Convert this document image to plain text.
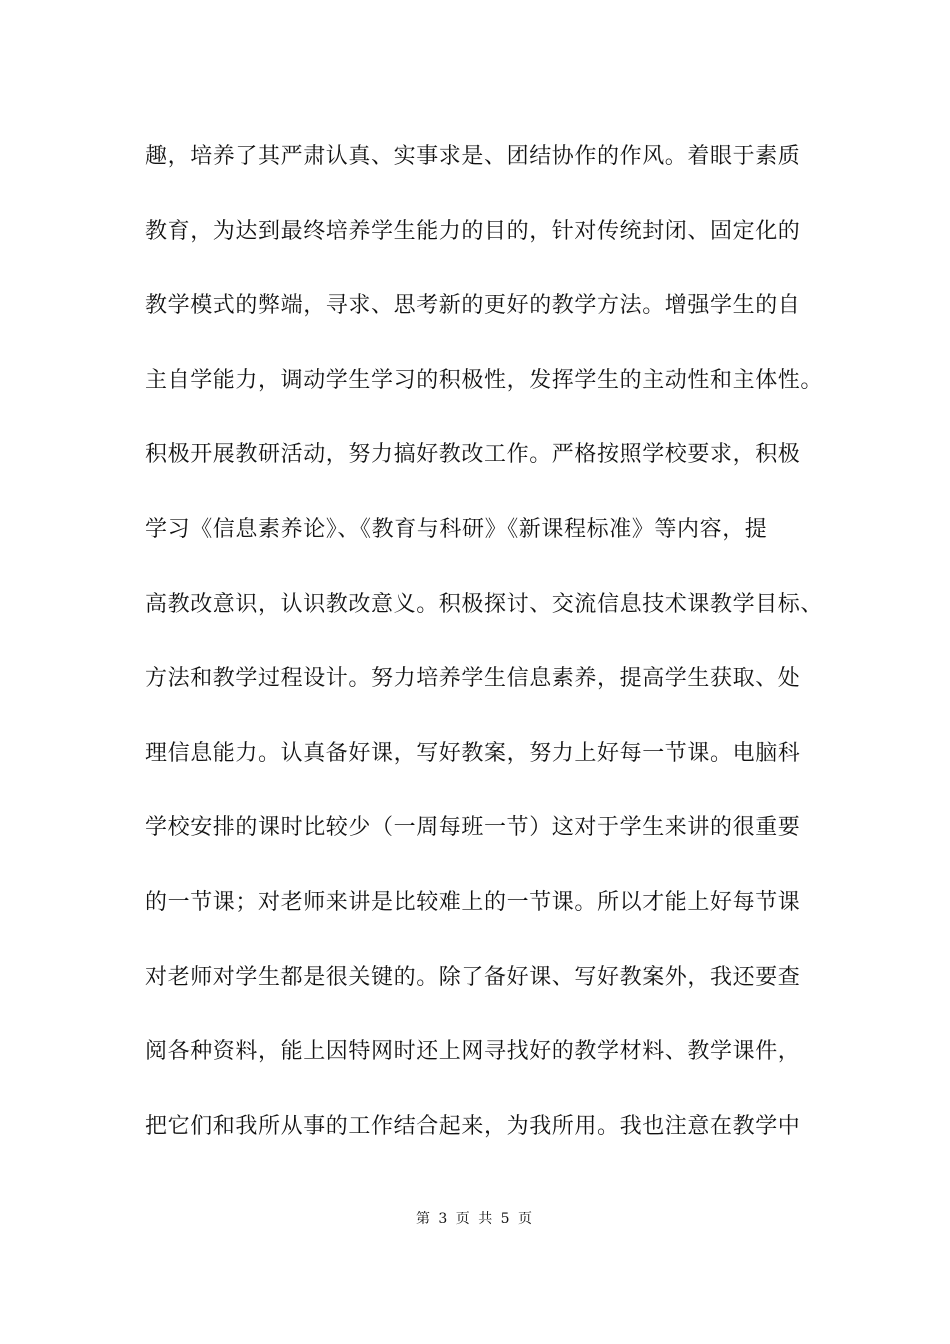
趣，培养了其严肃认真、实事求是、团结协作的作风。着眼于素质
教育，为达到最终培养学生能力的目的，针对传统封闭、固定化的
教学模式的弊端，寻求、思考新的更好的教学方法。增强学生的自
主自学能力，调动学生学习的积极性，发挥学生的主动性和主体性。
积极开展教研活动，努力搞好教改工作。严格按照学校要求，积极
学习《信息素养论》、《教育与科研》《新课程标准》等内容，提
高教改意识，认识教改意义。积极探讨、交流信息技术课教学目标、
方法和教学过程设计。努力培养学生信息素养，提高学生获取、处
理信息能力。认真备好课，写好教案，努力上好每一节课。电脑科
学校安排的课时比较少（一周每班一节）这对于学生来讲的很重要
的一节课；对老师来讲是比较难上的一节课。所以才能上好每节课
对老师对学生都是很关键的。除了备好课、写好教案外，我还要查
阅各种资料，能上因特网时还上网寻找好的教学材料、教学课件，
把它们和我所从事的工作结合起来，为我所用。我也注意在教学中
第 3 页 共 5 页
